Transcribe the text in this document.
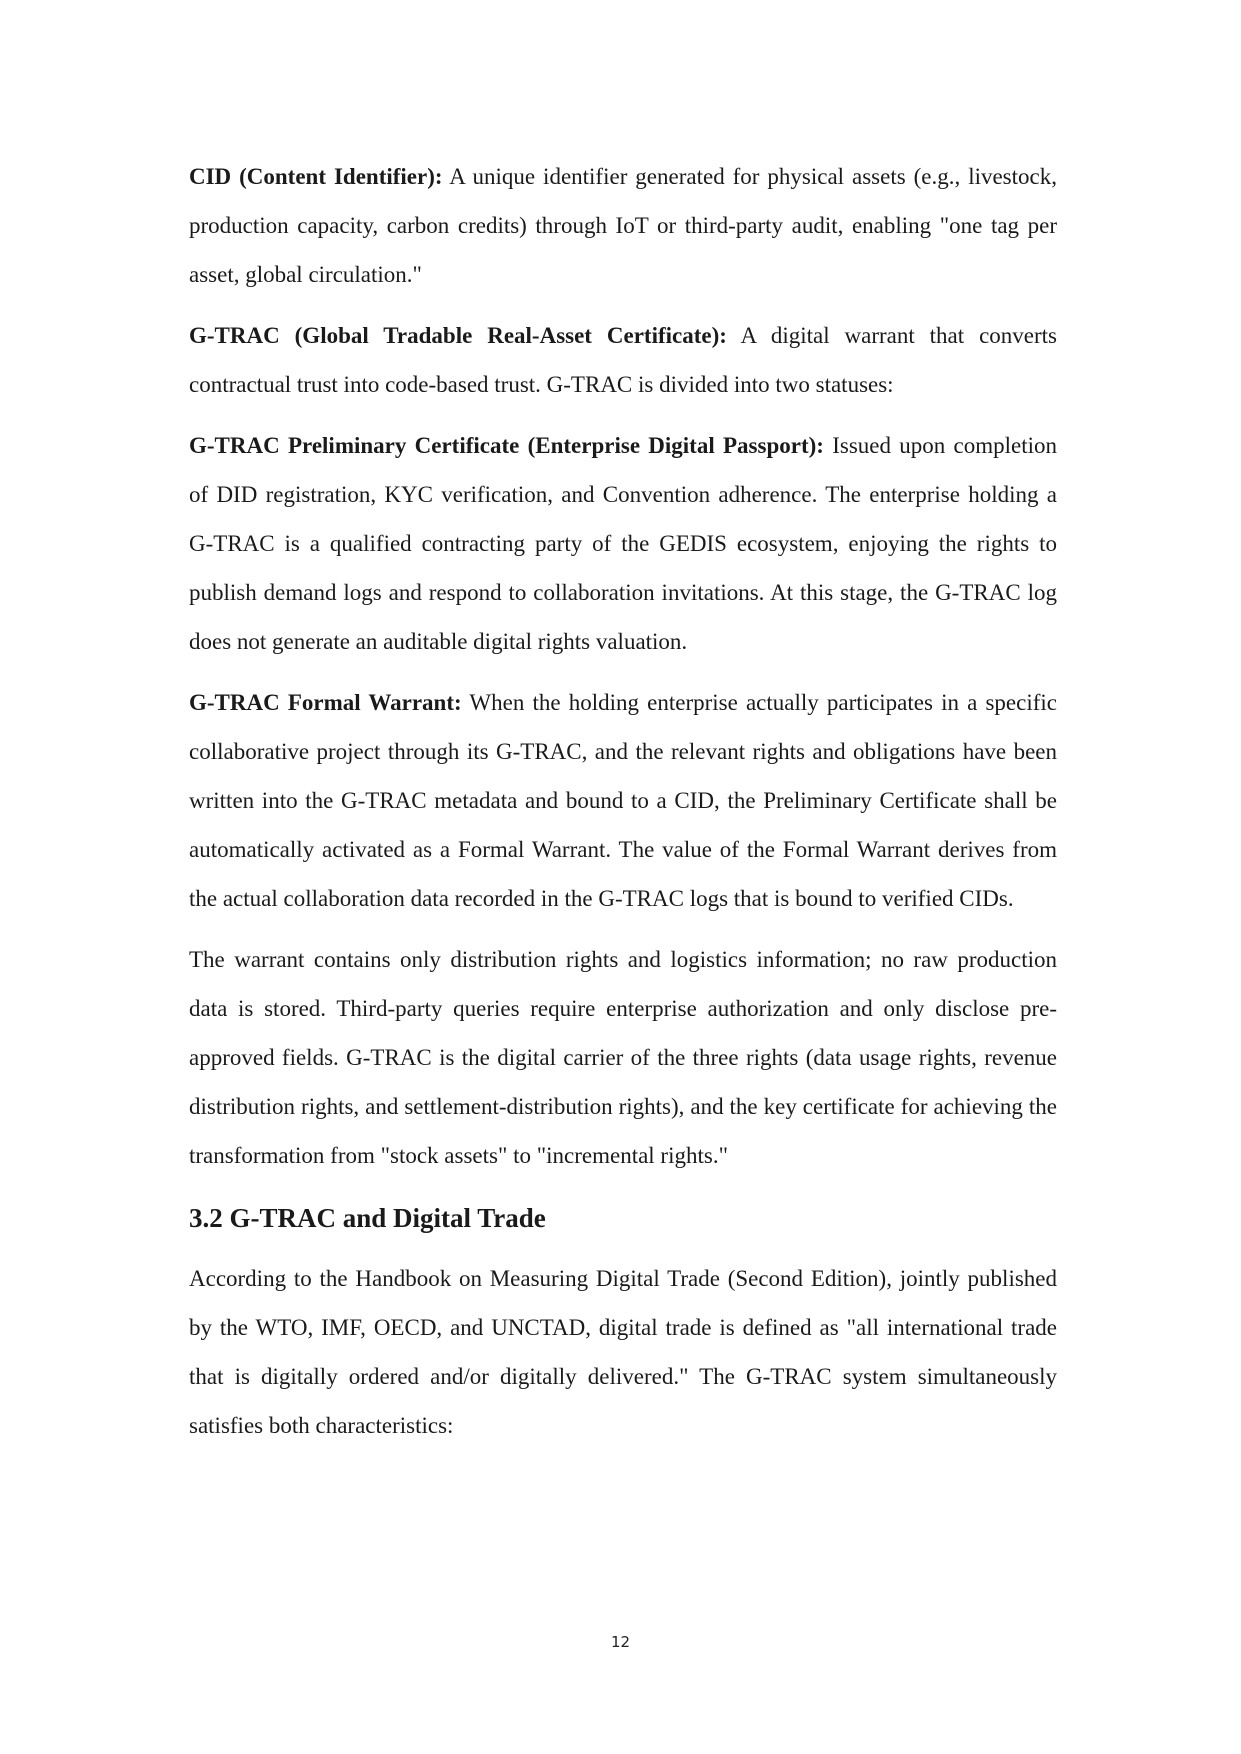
CID (Content Identifier): A unique identifier generated for physical assets (e.g., livestock, production capacity, carbon credits) through IoT or third-party audit, enabling "one tag per asset, global circulation."

G-TRAC (Global Tradable Real-Asset Certificate): A digital warrant that converts contractual trust into code-based trust. G-TRAC is divided into two statuses:

G-TRAC Preliminary Certificate (Enterprise Digital Passport): Issued upon completion of DID registration, KYC verification, and Convention adherence. The enterprise holding a G-TRAC is a qualified contracting party of the GEDIS ecosystem, enjoying the rights to publish demand logs and respond to collaboration invitations. At this stage, the G-TRAC log does not generate an auditable digital rights valuation.

G-TRAC Formal Warrant: When the holding enterprise actually participates in a specific collaborative project through its G-TRAC, and the relevant rights and obligations have been written into the G-TRAC metadata and bound to a CID, the Preliminary Certificate shall be automatically activated as a Formal Warrant. The value of the Formal Warrant derives from the actual collaboration data recorded in the G-TRAC logs that is bound to verified CIDs.

The warrant contains only distribution rights and logistics information; no raw production data is stored. Third-party queries require enterprise authorization and only disclose pre-approved fields. G-TRAC is the digital carrier of the three rights (data usage rights, revenue distribution rights, and settlement-distribution rights), and the key certificate for achieving the transformation from "stock assets" to "incremental rights."

3.2 G-TRAC and Digital Trade

According to the Handbook on Measuring Digital Trade (Second Edition), jointly published by the WTO, IMF, OECD, and UNCTAD, digital trade is defined as "all international trade that is digitally ordered and/or digitally delivered." The G-TRAC system simultaneously satisfies both characteristics:

12
